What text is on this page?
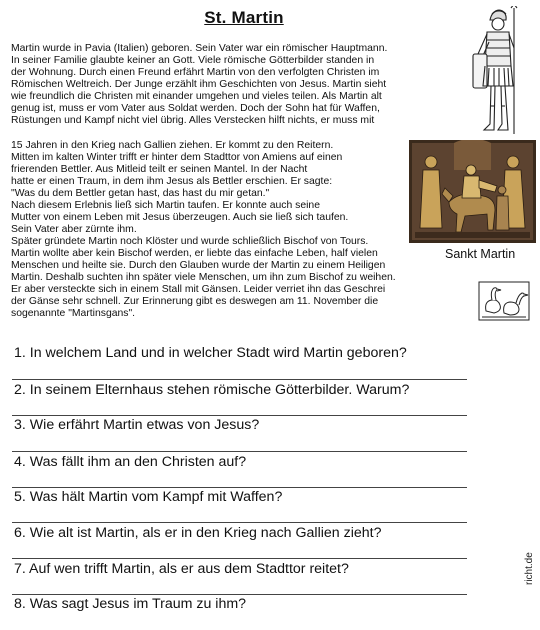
St. Martin
Martin wurde in Pavia (Italien) geboren. Sein Vater war ein römischer Hauptmann.
In seiner Familie glaubte keiner an Gott. Viele römische Götterbilder standen in
der Wohnung. Durch einen Freund erfährt Martin von den verfolgten Christen im
Römischen Weltreich. Der Junge erzählt ihm Geschichten von Jesus. Martin sieht
wie freundlich die Christen mit einander umgehen und vieles teilen. Als Martin alt
genug ist, muss er vom Vater aus Soldat werden. Doch der Sohn hat für Waffen,
Rüstungen und Kampf nicht viel übrig. Alles Verstecken hilft nichts, er muss mit
15 Jahren in den Krieg nach Gallien ziehen. Er kommt zu den Reitern.
Mitten im kalten Winter trifft er hinter dem Stadttor von Amiens auf einen
frierenden Bettler. Aus Mitleid teilt er seinen Mantel. In der Nacht
hatte er einen Traum, in dem ihm Jesus als Bettler erschien. Er sagte:
"Was du dem Bettler getan hast, das hast du mir getan."
Nach diesem Erlebnis ließ sich Martin taufen. Er konnte auch seine
Sankt Martin
Mutter von einem Leben mit Jesus überzeugen. Auch sie ließ sich taufen.
Sein Vater aber zürnte ihm.
Später gründete Martin noch Klöster und wurde schließlich Bischof von Tours.
Martin wollte aber kein Bischof werden, er liebte das einfache Leben, half vielen
Menschen und heilte sie. Durch den Glauben wurde der Martin zu einem Heiligen
Martin. Deshalb suchten ihn später viele Menschen, um ihn zum Bischof zu weihen.
Er aber versteckte sich in einem Stall mit Gänsen. Leider verriet ihn das Geschrei
der Gänse sehr schnell. Zur Erinnerung gibt es deswegen am 11. November die
sogenannte "Martinsgans".
1. In welchem Land und in welcher Stadt wird Martin geboren?
2. In seinem Elternhaus stehen römische Götterbilder. Warum?
3. Wie erfährt Martin etwas von Jesus?
4. Was fällt ihm an den Christen auf?
5. Was hält Martin vom Kampf mit Waffen?
6. Wie alt ist Martin, als er in den Krieg nach Gallien zieht?
7. Auf wen trifft Martin, als er aus dem Stadttor reitet?
8. Was sagt Jesus im Traum zu ihm?
richt.de
